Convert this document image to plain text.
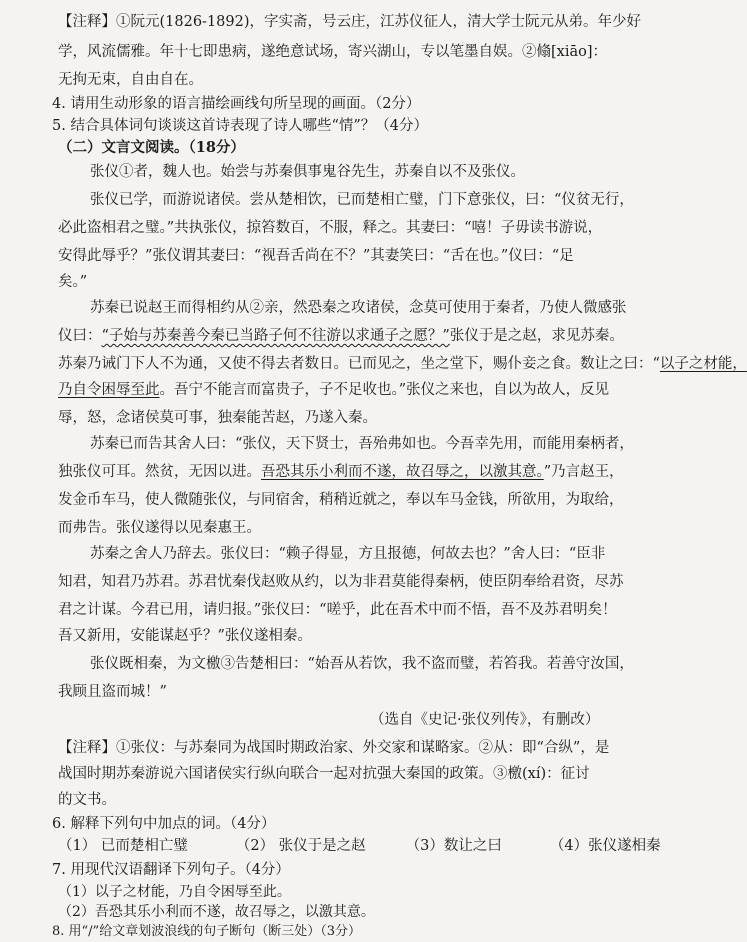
【注释】①阮元(1826-1892)，字实斋，号云庄，江苏仪征人，清大学士阮元从弟。年少好
学，风流儒雅。年十七即患病，遂绝意试场，寄兴湖山，专以笔墨自娱。②翛[xiāo]：
无拘无束，自由自在。
4. 请用生动形象的语言描绘画线句所呈现的画面。（2分）
5. 结合具体词句谈谈这首诗表现了诗人哪些“情”？（4分）
（二）文言文阅读。（18分）
张仪①者，魏人也。始尝与苏秦俱事鬼谷先生，苏秦自以不及张仪。
张仪已学，而游说诸侯。尝从楚相饮，已而楚相亡璧，门下意张仪，曰：“仪贫无行，
必此盗相君之璧。”共执张仪，掠笞数百，不服，释之。其妻曰：“嘻！子毋读书游说，
安得此辱乎？”张仪谓其妻曰：“视吾舌尚在不？”其妻笑曰：“舌在也。”仪曰：“足
矣。”
苏秦已说赵王而得相约从②亲，然恐秦之攻诸侯，念莫可使用于秦者，乃使人微感张
仪曰：“子始与苏秦善今秦已当路子何不往游以求通子之愿？”张仪于是之赵，求见苏秦。
苏秦乃诫门下人不为通，又使不得去者数日。已而见之，坐之堂下，赐仆妾之食。数让之曰：“以子之材能，
乃自令困辱至此。吾宁不能言而富贵子，子不足收也。”张仪之来也，自以为故人，反见
辱，怒，念诸侯莫可事，独秦能苦赵，乃遂入秦。
苏秦已而告其舍人曰：“张仪，天下贤士，吾殆弗如也。今吾幸先用，而能用秦柄者，
独张仪可耳。然贫，无因以进。吾恐其乐小利而不遂，故召辱之，以激其意。”乃言赵王，
发金币车马，使人微随张仪，与同宿舍，稍稍近就之，奉以车马金钱，所欲用，为取给，
而弗告。张仪遂得以见秦惠王。
苏秦之舍人乃辞去。张仪曰：“赖子得显，方且报德，何故去也？”舍人曰：“臣非
知君，知君乃苏君。苏君忧秦伐赵败从约，以为非君莫能得秦柄，使臣阴奉给君资，尽苏
君之计谋。今君已用，请归报。”张仪曰：“嗟乎，此在吾术中而不悟，吾不及苏君明矣！
吾又新用，安能谋赵乎？”张仪遂相秦。
张仪既相秦，为文檄③告楚相曰：“始吾从若饮，我不盗而璧，若笞我。若善守汝国，
我顾且盗而城！”
（选自《史记·张仪列传》，有删改）
【注释】①张仪：与苏秦同为战国时期政治家、外交家和谋略家。②从：即“合纵”，是
战国时期苏秦游说六国诸侯实行纵向联合一起对抗强大秦国的政策。③檄(xí)：征讨
的文书。
6. 解释下列句中加点的词。（4分）
（1） 已而楚相亡璧	（2） 张仪于是之赵	（3）数让之曰	（4）张仪遂相秦
7. 用现代汉语翻译下列句子。（4分）
（1）以子之材能，乃自令困辱至此。
（2）吾恐其乐小利而不遂，故召辱之，以激其意。
8. 用“/”给文章划波浪线的句子断句（断三处）（3分）
